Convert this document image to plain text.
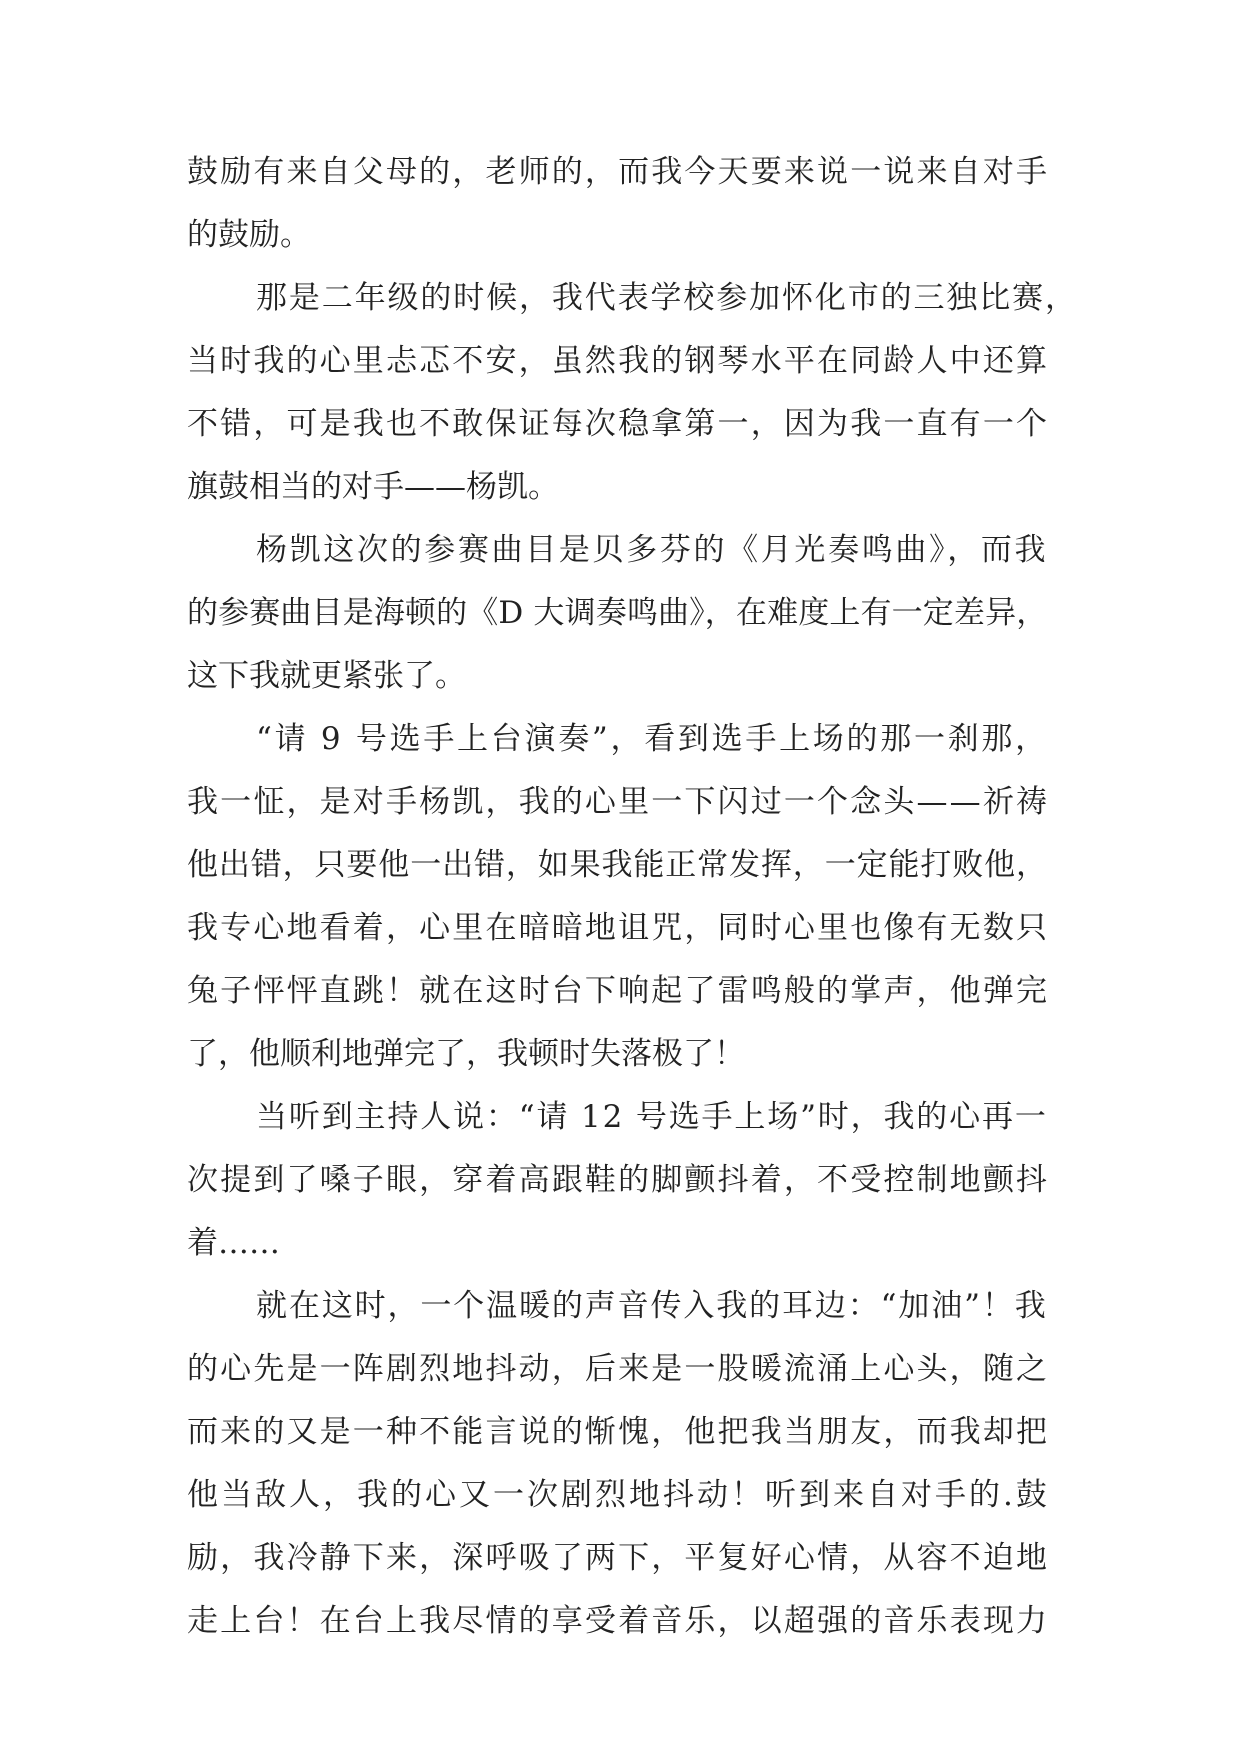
鼓励有来自父母的，老师的，而我今天要来说一说来自对手

的鼓励。

那是二年级的时候，我代表学校参加怀化市的三独比赛，

当时我的心里忐忑不安，虽然我的钢琴水平在同龄人中还算

不错，可是我也不敢保证每次稳拿第一，因为我一直有一个

旗鼓相当的对手——杨凯。

杨凯这次的参赛曲目是贝多芬的《月光奏鸣曲》，而我

的参赛曲目是海顿的《D 大调奏鸣曲》，在难度上有一定差异，

这下我就更紧张了。

“请 9 号选手上台演奏”，看到选手上场的那一刹那，

我一怔，是对手杨凯，我的心里一下闪过一个念头——祈祷

他出错，只要他一出错，如果我能正常发挥，一定能打败他，

我专心地看着，心里在暗暗地诅咒，同时心里也像有无数只

兔子怦怦直跳！就在这时台下响起了雷鸣般的掌声，他弹完

了，他顺利地弹完了，我顿时失落极了！

当听到主持人说：“请 12 号选手上场”时，我的心再一

次提到了嗓子眼，穿着高跟鞋的脚颤抖着，不受控制地颤抖

着……

就在这时，一个温暖的声音传入我的耳边：“加油”！我

的心先是一阵剧烈地抖动，后来是一股暖流涌上心头，随之

而来的又是一种不能言说的惭愧，他把我当朋友，而我却把

他当敌人，我的心又一次剧烈地抖动！听到来自对手的.鼓

励，我冷静下来，深呼吸了两下，平复好心情，从容不迫地

走上台！在台上我尽情的享受着音乐，以超强的音乐表现力
